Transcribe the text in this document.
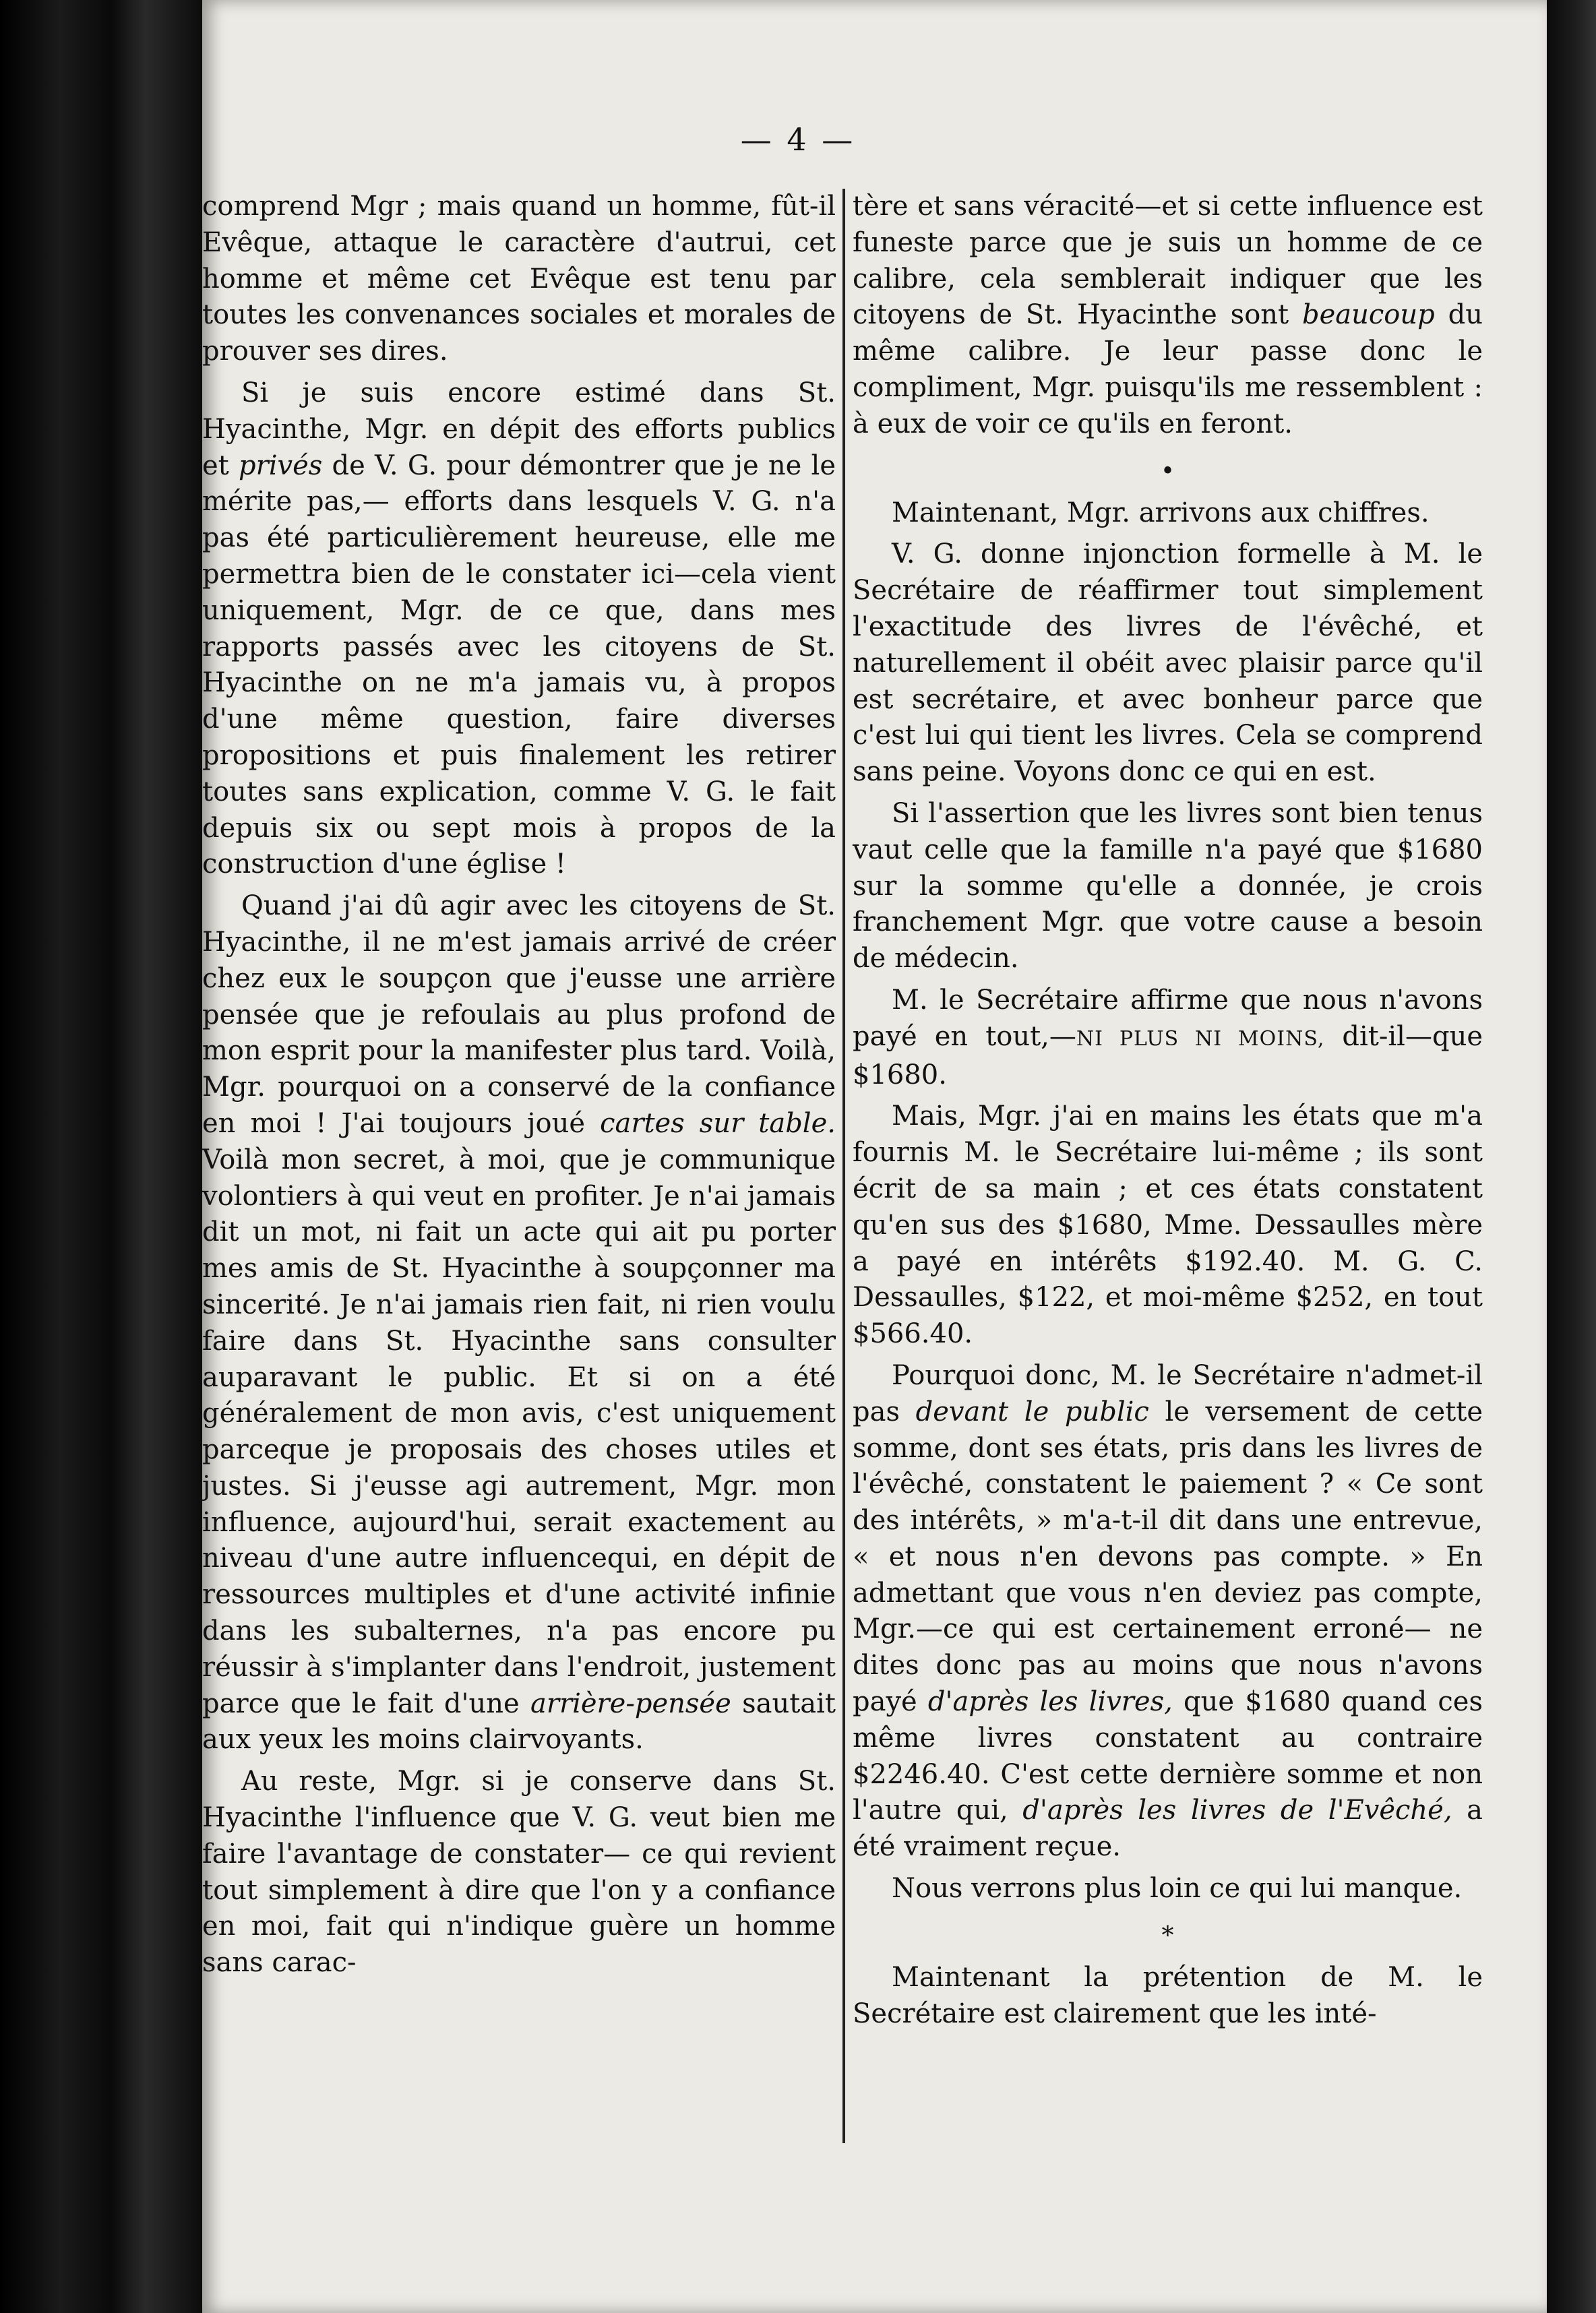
— 4 —

comprend Mgr ; mais quand un homme, fût-il Evêque, attaque le caractère d'autrui, cet homme et même cet Evêque est tenu par toutes les convenances sociales et morales de prouver ses dires.

Si je suis encore estimé dans St. Hyacinthe, Mgr. en dépit des efforts publics et privés de V. G. pour démontrer que je ne le mérite pas,— efforts dans lesquels V. G. n'a pas été particulièrement heureuse, elle me permettra bien de le constater ici—cela vient uniquement, Mgr. de ce que, dans mes rapports passés avec les citoyens de St. Hyacinthe on ne m'a jamais vu, à propos d'une même question, faire diverses propositions et puis finalement les retirer toutes sans explication, comme V. G. le fait depuis six ou sept mois à propos de la construction d'une église !

Quand j'ai dû agir avec les citoyens de St. Hyacinthe, il ne m'est jamais arrivé de créer chez eux le soupçon que j'eusse une arrière pensée que je refoulais au plus profond de mon esprit pour la manifester plus tard. Voilà, Mgr. pourquoi on a conservé de la confiance en moi ! J'ai toujours joué cartes sur table. Voilà mon secret, à moi, que je communique volontiers à qui veut en profiter. Je n'ai jamais dit un mot, ni fait un acte qui ait pu porter mes amis de St. Hyacinthe à soupçonner ma sincerité. Je n'ai jamais rien fait, ni rien voulu faire dans St. Hyacinthe sans consulter auparavant le public. Et si on a été généralement de mon avis, c'est uniquement parceque je proposais des choses utiles et justes. Si j'eusse agi autrement, Mgr. mon influence, aujourd'hui, serait exactement au niveau d'une autre influencequi, en dépit de ressources multiples et d'une activité infinie dans les subalternes, n'a pas encore pu réussir à s'implanter dans l'endroit, justement parce que le fait d'une arrière-pensée sautait aux yeux les moins clairvoyants.

Au reste, Mgr. si je conserve dans St. Hyacinthe l'influence que V. G. veut bien me faire l'avantage de constater— ce qui revient tout simplement à dire que l'on y a confiance en moi, fait qui n'indique guère un homme sans carac-

tère et sans véracité—et si cette influence est funeste parce que je suis un homme de ce calibre, cela semblerait indiquer que les citoyens de St. Hyacinthe sont beaucoup du même calibre. Je leur passe donc le compliment, Mgr. puisqu'ils me ressemblent : à eux de voir ce qu'ils en feront.

•

Maintenant, Mgr. arrivons aux chiffres.

V. G. donne injonction formelle à M. le Secrétaire de réaffirmer tout simplement l'exactitude des livres de l'évêché, et naturellement il obéit avec plaisir parce qu'il est secrétaire, et avec bonheur parce que c'est lui qui tient les livres. Cela se comprend sans peine. Voyons donc ce qui en est.

Si l'assertion que les livres sont bien tenus vaut celle que la famille n'a payé que $1680 sur la somme qu'elle a donnée, je crois franchement Mgr. que votre cause a besoin de médecin.

M. le Secrétaire affirme que nous n'avons payé en tout,—NI PLUS NI MOINS, dit-il—que $1680.

Mais, Mgr. j'ai en mains les états que m'a fournis M. le Secrétaire lui-même ; ils sont écrit de sa main ; et ces états constatent qu'en sus des $1680, Mme. Dessaulles mère a payé en intérêts $192.40. M. G. C. Dessaulles, $122, et moi-même $252, en tout $566.40.

Pourquoi donc, M. le Secrétaire n'admet-il pas devant le public le versement de cette somme, dont ses états, pris dans les livres de l'évêché, constatent le paiement ? « Ce sont des intérêts, » m'a-t-il dit dans une entrevue, « et nous n'en devons pas compte. » En admettant que vous n'en deviez pas compte, Mgr.—ce qui est certainement erroné— ne dites donc pas au moins que nous n'avons payé d'après les livres, que $1680 quand ces même livres constatent au contraire $2246.40. C'est cette dernière somme et non l'autre qui, d'après les livres de l'Evêché, a été vraiment reçue.

Nous verrons plus loin ce qui lui manque.

*

Maintenant la prétention de M. le Secrétaire est clairement que les inté-
